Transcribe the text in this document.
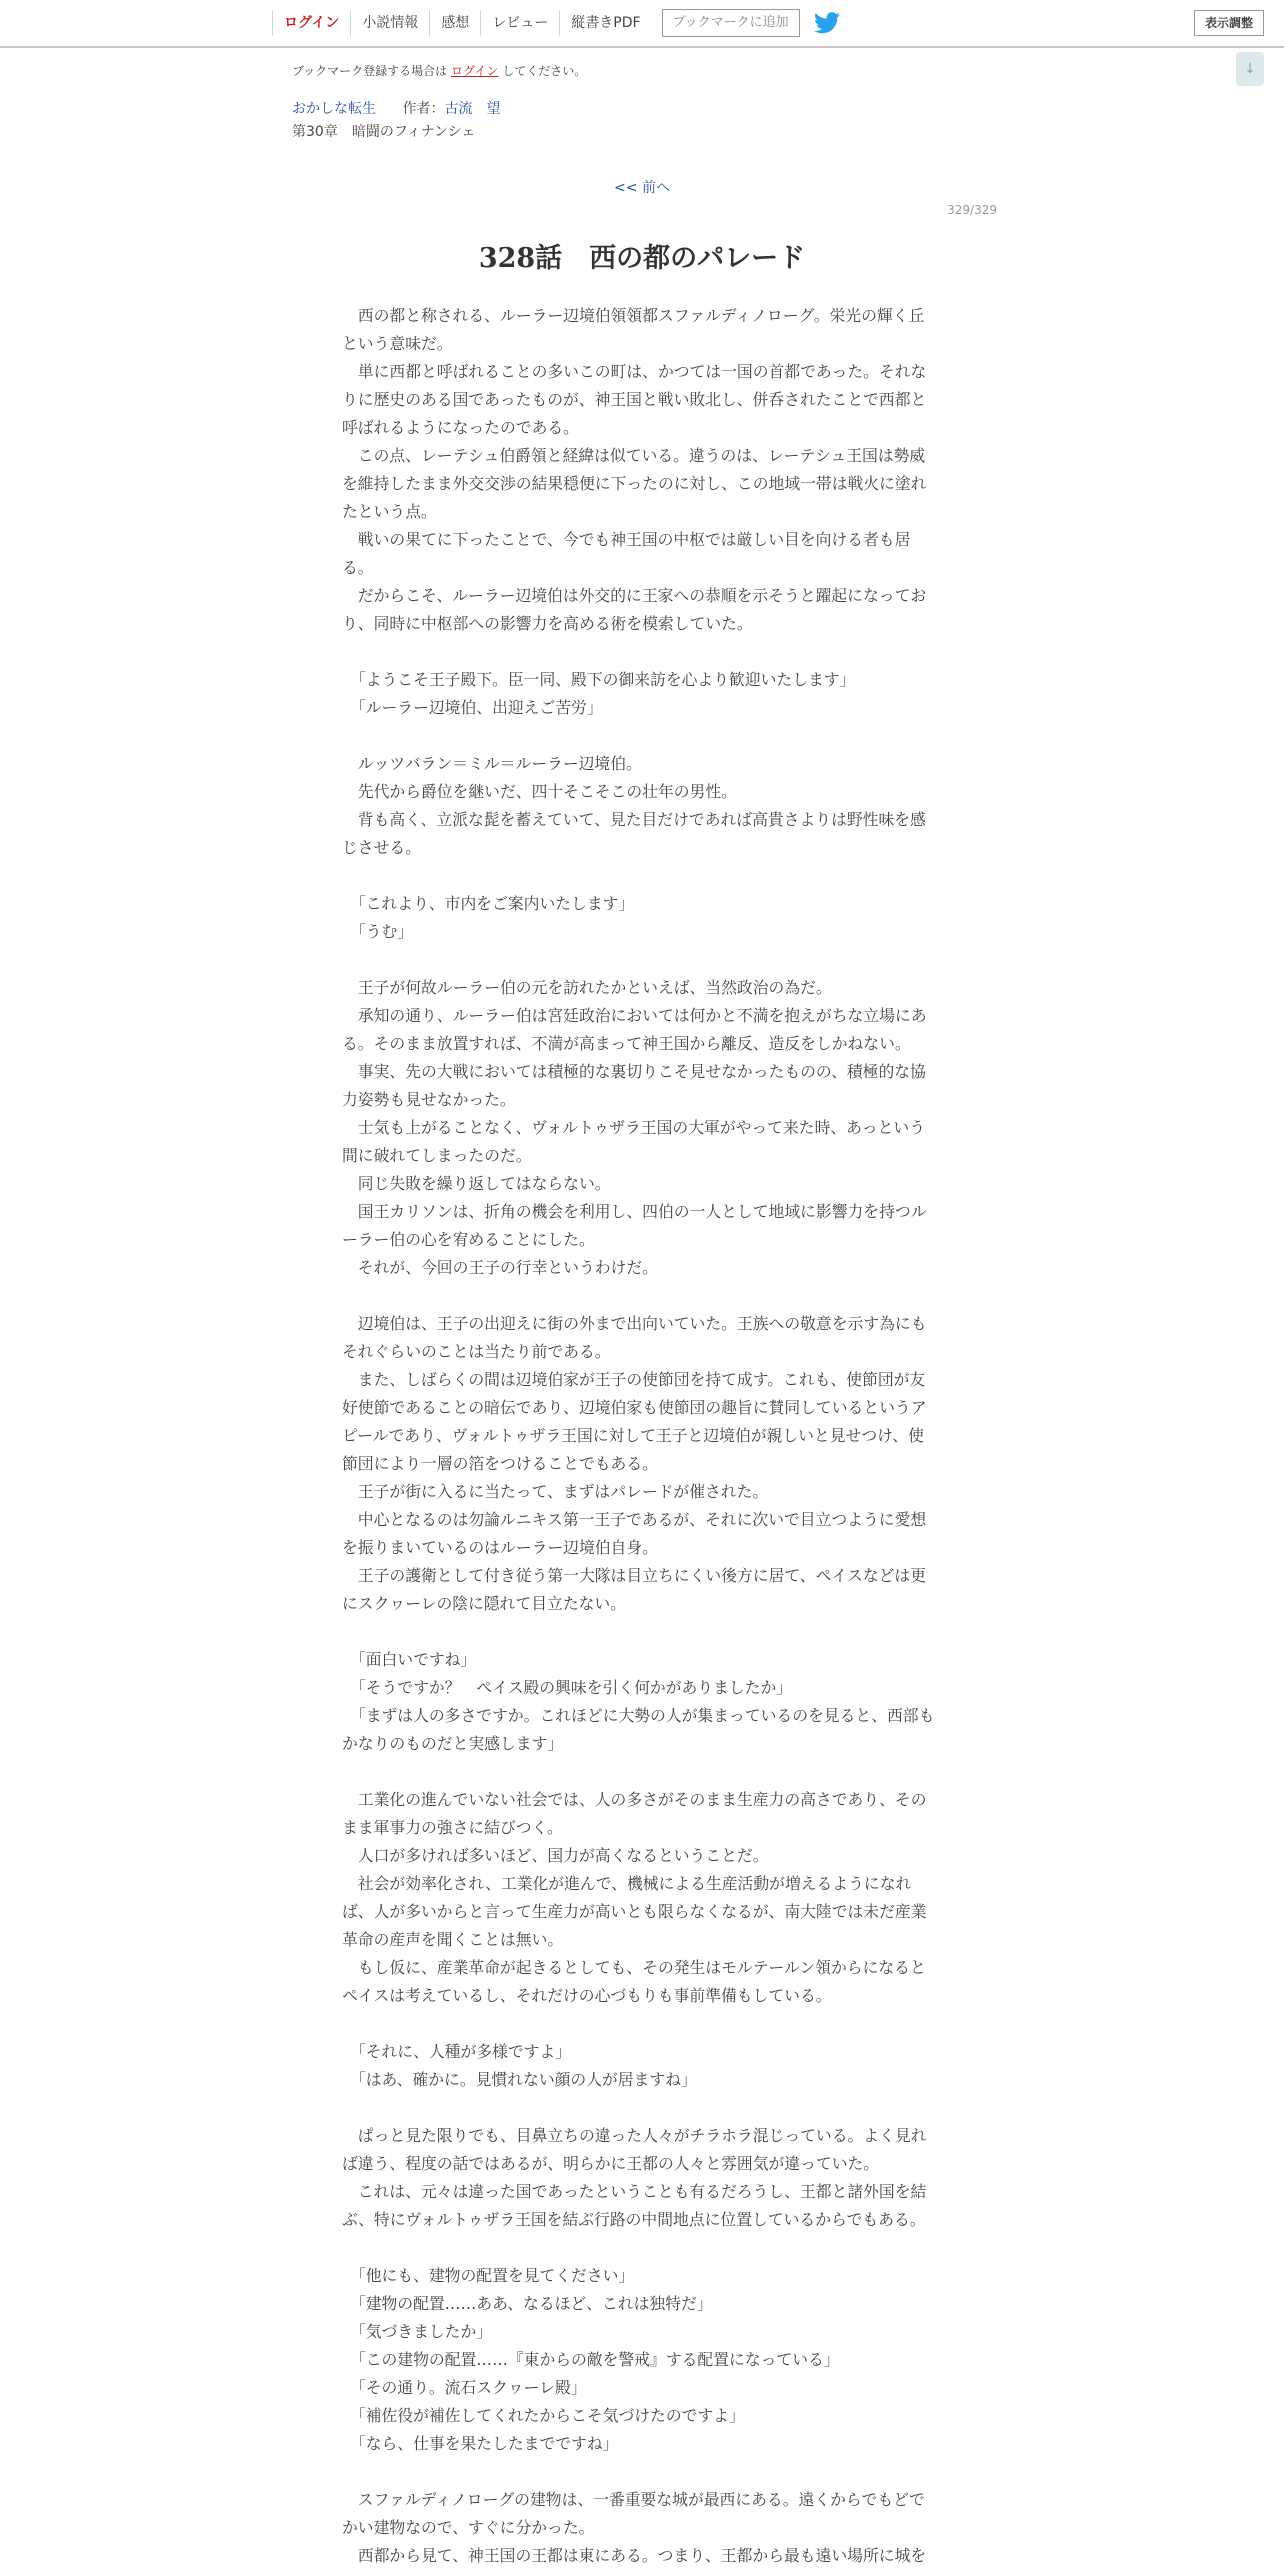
ログイン	小説情報	感想	レビュー	縦書きPDF	ブックマークに追加	表示調整
↓
ブックマーク登録する場合は ログイン してください。
おかしな転生 作者：古流　望
第30章　暗闘のフィナンシェ
<< 前へ
329/329
328話　西の都のパレード

　西の都と称される、ルーラー辺境伯領領都スファルディノローグ。栄光の輝く丘という意味だ。

　単に西都と呼ばれることの多いこの町は、かつては一国の首都であった。それなりに歴史のある国であったものが、神王国と戦い敗北し、併呑されたことで西都と呼ばれるようになったのである。

　この点、レーテシュ伯爵領と経緯は似ている。違うのは、レーテシュ王国は勢威を維持したまま外交交渉の結果穏便に下ったのに対し、この地域一帯は戦火に塗れたという点。

　戦いの果てに下ったことで、今でも神王国の中枢では厳しい目を向ける者も居る。

　だからこそ、ルーラー辺境伯は外交的に王家への恭順を示そうと躍起になっており、同時に中枢部への影響力を高める術を模索していた。

　「ようこそ王子殿下。臣一同、殿下の御来訪を心より歓迎いたします」

　「ルーラー辺境伯、出迎えご苦労」

　ルッツバラン＝ミル＝ルーラー辺境伯。

　先代から爵位を継いだ、四十そこそこの壮年の男性。

　背も高く、立派な髭を蓄えていて、見た目だけであれば高貴さよりは野性味を感じさせる。

　「これより、市内をご案内いたします」

　「うむ」

　王子が何故ルーラー伯の元を訪れたかといえば、当然政治の為だ。

　承知の通り、ルーラー伯は宮廷政治においては何かと不満を抱えがちな立場にある。そのまま放置すれば、不満が高まって神王国から離反、造反をしかねない。

　事実、先の大戦においては積極的な裏切りこそ見せなかったものの、積極的な協力姿勢も見せなかった。

　士気も上がることなく、ヴォルトゥザラ王国の大軍がやって来た時、あっという間に破れてしまったのだ。

　同じ失敗を繰り返してはならない。

　国王カリソンは、折角の機会を利用し、四伯の一人として地域に影響力を持つルーラー伯の心を宥めることにした。

　それが、今回の王子の行幸というわけだ。

　辺境伯は、王子の出迎えに街の外まで出向いていた。王族への敬意を示す為にもそれぐらいのことは当たり前である。

　また、しばらくの間は辺境伯家が王子の使節団を持て成す。これも、使節団が友好使節であることの暗伝であり、辺境伯家も使節団の趣旨に賛同しているというアピールであり、ヴォルトゥザラ王国に対して王子と辺境伯が親しいと見せつけ、使節団により一層の箔をつけることでもある。

　王子が街に入るに当たって、まずはパレードが催された。

　中心となるのは勿論ルニキス第一王子であるが、それに次いで目立つように愛想を振りまいているのはルーラー辺境伯自身。

　王子の護衛として付き従う第一大隊は目立ちにくい後方に居て、ペイスなどは更にスクヮーレの陰に隠れて目立たない。

　「面白いですね」

　「そうですか？　ペイス殿の興味を引く何かがありましたか」

　「まずは人の多さですか。これほどに大勢の人が集まっているのを見ると、西部もかなりのものだと実感します」

　工業化の進んでいない社会では、人の多さがそのまま生産力の高さであり、そのまま軍事力の強さに結びつく。

　人口が多ければ多いほど、国力が高くなるということだ。

　社会が効率化され、工業化が進んで、機械による生産活動が増えるようになれば、人が多いからと言って生産力が高いとも限らなくなるが、南大陸では未だ産業革命の産声を聞くことは無い。

　もし仮に、産業革命が起きるとしても、その発生はモルテールン領からになるとペイスは考えているし、それだけの心づもりも事前準備もしている。

　「それに、人種が多様ですよ」

　「はあ、確かに。見慣れない顔の人が居ますね」

　ぱっと見た限りでも、目鼻立ちの違った人々がチラホラ混じっている。よく見れば違う、程度の話ではあるが、明らかに王都の人々と雰囲気が違っていた。

　これは、元々は違った国であったということも有るだろうし、王都と諸外国を結ぶ、特にヴォルトゥザラ王国を結ぶ行路の中間地点に位置しているからでもある。

　「他にも、建物の配置を見てください」

　「建物の配置……ああ、なるほど、これは独特だ」

　「気づきましたか」

　「この建物の配置……『東からの敵を警戒』する配置になっている」

　「その通り。流石スクヮーレ殿」

　「補佐役が補佐してくれたからこそ気づけたのですよ」

　「なら、仕事を果たしたまでですね」

　スファルディノローグの建物は、一番重要な城が最西にある。遠くからでもどでかい建物なので、すぐに分かった。

　西都から見て、神王国の王都は東にある。つまり、王都から最も遠い場所に城を
